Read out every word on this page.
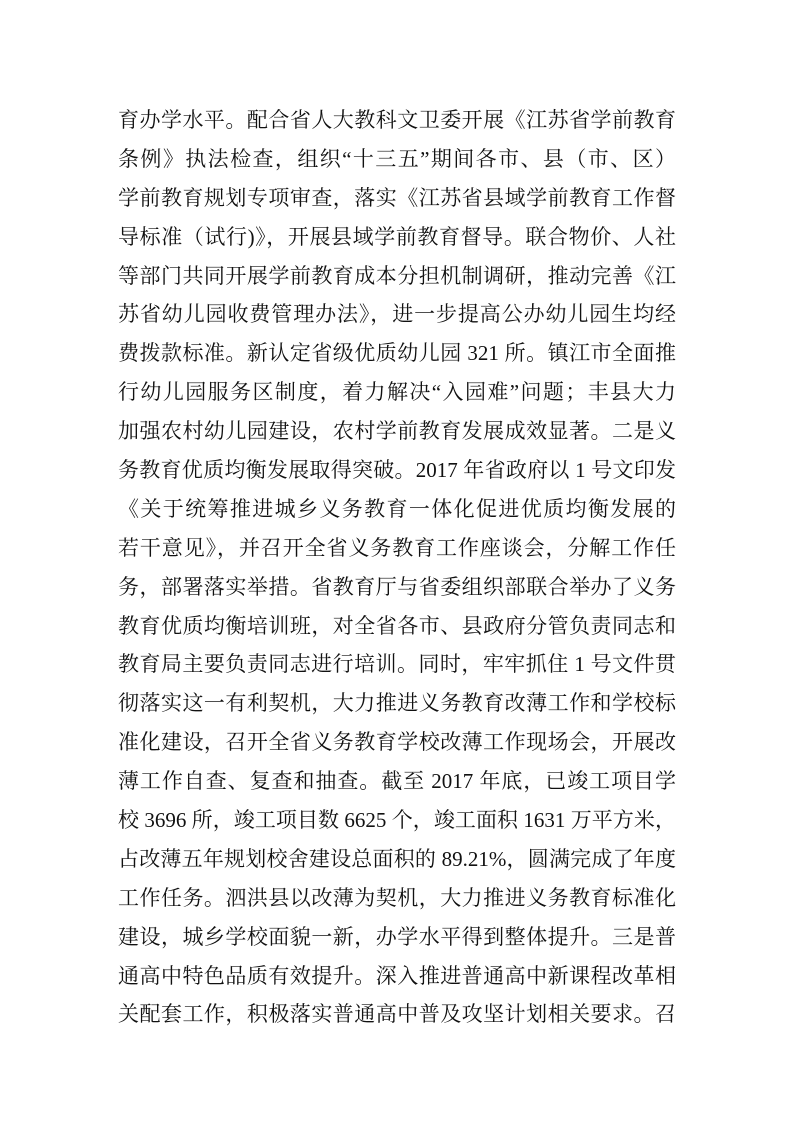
育办学水平。配合省人大教科文卫委开展《江苏省学前教育
条例》执法检查，组织“十三五”期间各市、县（市、区）
学前教育规划专项审查，落实《江苏省县域学前教育工作督
导标准（试行)》，开展县域学前教育督导。联合物价、人社
等部门共同开展学前教育成本分担机制调研，推动完善《江
苏省幼儿园收费管理办法》，进一步提高公办幼儿园生均经
费拨款标准。新认定省级优质幼儿园 321 所。镇江市全面推
行幼儿园服务区制度，着力解决“入园难”问题；丰县大力
加强农村幼儿园建设，农村学前教育发展成效显著。二是义
务教育优质均衡发展取得突破。2017 年省政府以 1 号文印发
《关于统筹推进城乡义务教育一体化促进优质均衡发展的
若干意见》，并召开全省义务教育工作座谈会，分解工作任
务，部署落实举措。省教育厅与省委组织部联合举办了义务
教育优质均衡培训班，对全省各市、县政府分管负责同志和
教育局主要负责同志进行培训。同时，牢牢抓住 1 号文件贯
彻落实这一有利契机，大力推进义务教育改薄工作和学校标
准化建设，召开全省义务教育学校改薄工作现场会，开展改
薄工作自查、复查和抽查。截至 2017 年底，已竣工项目学
校 3696 所，竣工项目数 6625 个，竣工面积 1631 万平方米，
占改薄五年规划校舍建设总面积的 89.21%，圆满完成了年度
工作任务。泗洪县以改薄为契机，大力推进义务教育标准化
建设，城乡学校面貌一新，办学水平得到整体提升。三是普
通高中特色品质有效提升。深入推进普通高中新课程改革相
关配套工作，积极落实普通高中普及攻坚计划相关要求。召
